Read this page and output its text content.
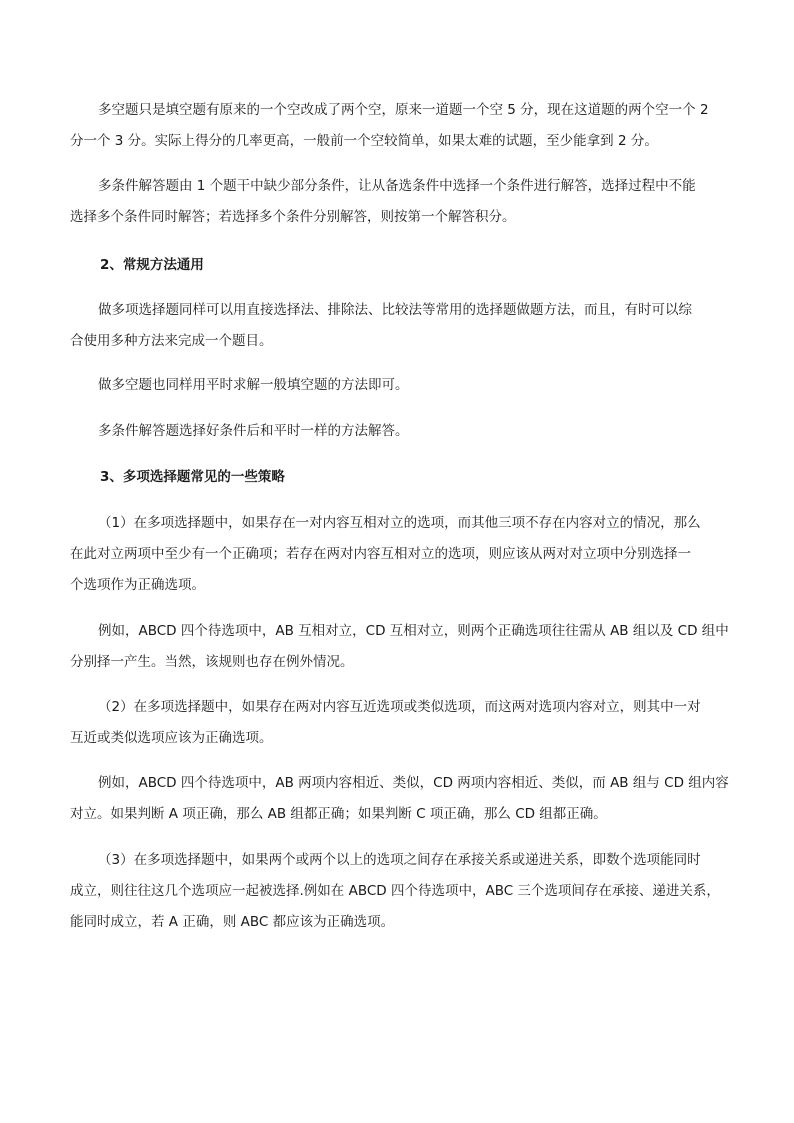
多空题只是填空题有原来的一个空改成了两个空，原来一道题一个空 5 分，现在这道题的两个空一个 2
分一个 3 分。实际上得分的几率更高，一般前一个空较简单，如果太难的试题，至少能拿到 2 分。

多条件解答题由 1 个题干中缺少部分条件，让从备选条件中选择一个条件进行解答，选择过程中不能
选择多个条件同时解答；若选择多个条件分别解答，则按第一个解答积分。

2、常规方法通用

做多项选择题同样可以用直接选择法、排除法、比较法等常用的选择题做题方法，而且，有时可以综
合使用多种方法来完成一个题目。

做多空题也同样用平时求解一般填空题的方法即可。

多条件解答题选择好条件后和平时一样的方法解答。

3、多项选择题常见的一些策略

（1）在多项选择题中，如果存在一对内容互相对立的选项，而其他三项不存在内容对立的情况，那么
在此对立两项中至少有一个正确项；若存在两对内容互相对立的选项，则应该从两对对立项中分别选择一
个选项作为正确选项。

例如，ABCD 四个待选项中，AB 互相对立，CD 互相对立，则两个正确选项往往需从 AB 组以及 CD 组中
分别择一产生。当然，该规则也存在例外情况。

（2）在多项选择题中，如果存在两对内容互近选项或类似选项，而这两对选项内容对立，则其中一对
互近或类似选项应该为正确选项。

例如，ABCD 四个待选项中，AB 两项内容相近、类似，CD 两项内容相近、类似，而 AB 组与 CD 组内容
对立。如果判断 A 项正确，那么 AB 组都正确；如果判断 C 项正确，那么 CD 组都正确。

（3）在多项选择题中，如果两个或两个以上的选项之间存在承接关系或递进关系，即数个选项能同时
成立，则往往这几个选项应一起被选择.例如在 ABCD 四个待选项中，ABC 三个选项间存在承接、递进关系，
能同时成立，若 A 正确，则 ABC 都应该为正确选项。
